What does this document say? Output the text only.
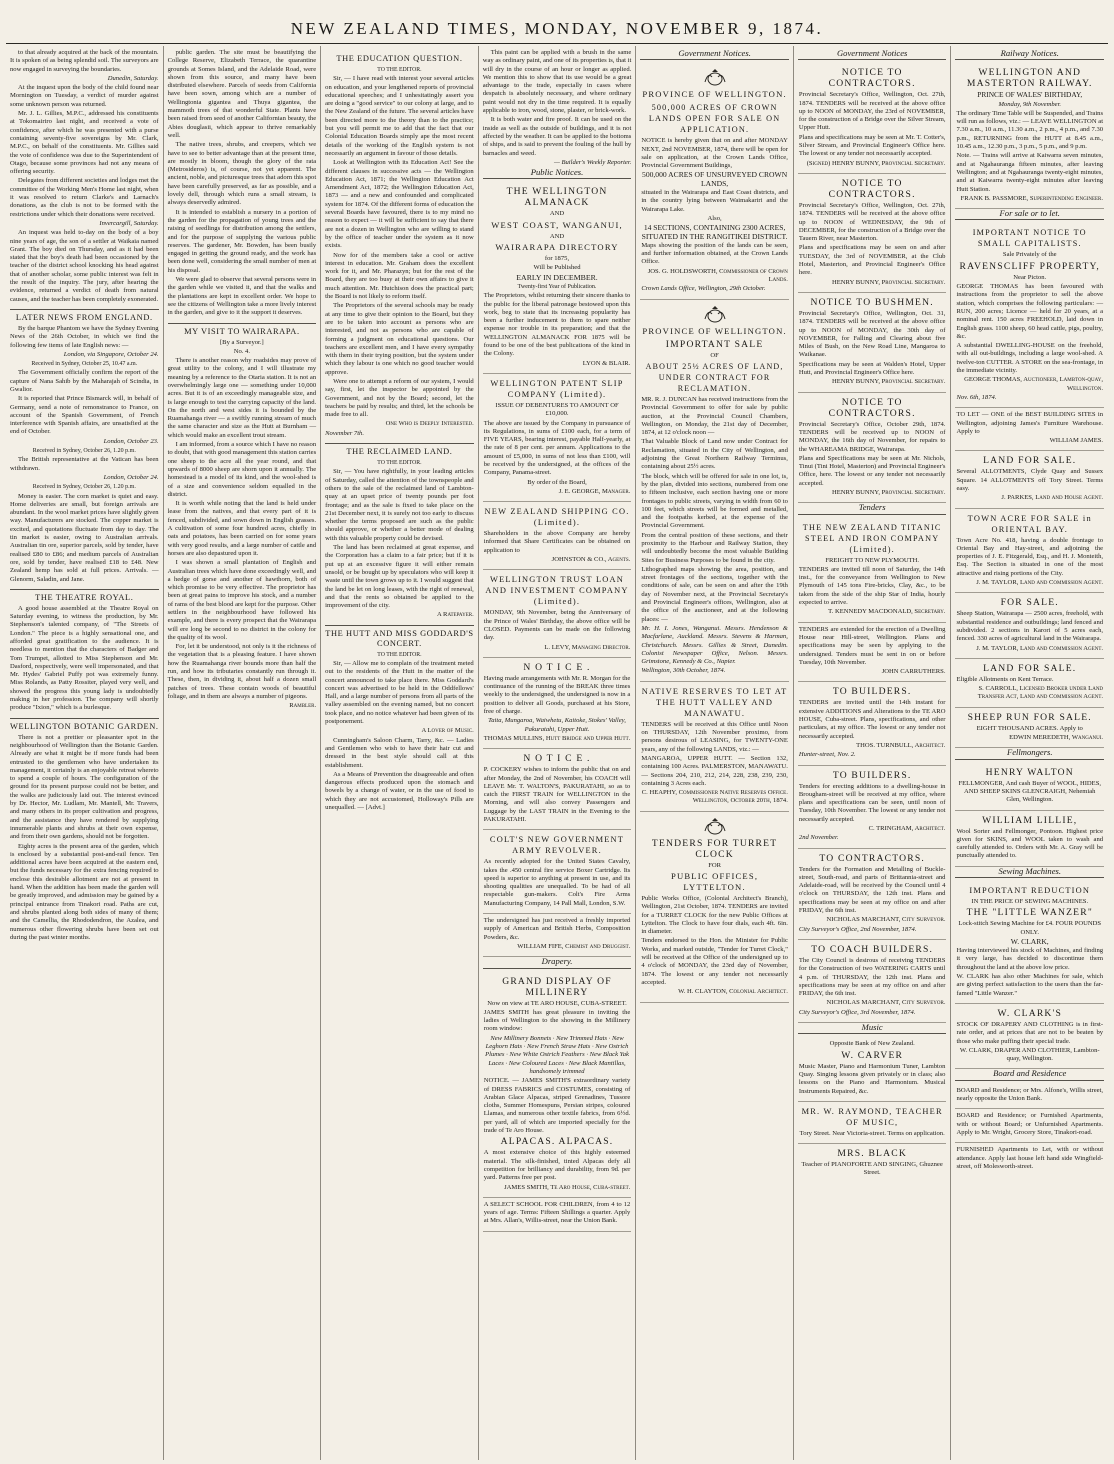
NEW ZEALAND TIMES, MONDAY, NOVEMBER 9, 1874.

to that already acquired at the back of the mountain. It is spoken of as being splendid soil. The surveyors are now engaged in surveying the boundaries.

Dunedin, Saturday.

At the inquest upon the body of the child found near Mornington on Tuesday, a verdict of murder against some unknown person was returned.

Mr. J. L. Gillies, M.P.C., addressed his constituents at Tokomairiro last night, and received a vote of confidence, after which he was presented with a purse containing seventy-five sovereigns by Mr. Clark, M.P.C., on behalf of the constituents. Mr. Gillies said the vote of confidence was due to the Superintendent of Otago, because some provinces had not any means of offering security.

Delegates from different societies and lodges met the committee of the Working Men's Home last night, when it was resolved to return Clarke's and Larnach's donations, as the club is not to be formed with the restrictions under which their donations were received.

Invercargill, Saturday.

An inquest was held to-day on the body of a boy nine years of age, the son of a settler at Waikaia named Grant. The boy died on Thursday, and as it had been stated that the boy's death had been occasioned by the teacher of the district school knocking his head against that of another scholar, some public interest was felt in the result of the inquiry. The jury, after hearing the evidence, returned a verdict of death from natural causes, and the teacher has been completely exonerated.

LATER NEWS FROM ENGLAND.

By the barque Phantom we have the Sydney Evening News of the 26th October, in which we find the following few items of late English news: —

London, via Singapore, October 24.

Received in Sydney, October 25, 10.47 a.m.

The Government officially confirm the report of the capture of Nana Sahib by the Maharajah of Scindia, in Gwalior.

It is reported that Prince Bismarck will, in behalf of Germany, send a note of remonstrance to France, on account of the Spanish Government, of French interference with Spanish affairs, are unsatisfied at the end of October.

London, October 23.

Received in Sydney, October 26, 1.20 p.m.

The British representative at the Vatican has been withdrawn.

London, October 24.

Received in Sydney, October 26, 1.20 p.m.

Money is easier. The corn market is quiet and easy. Home deliveries are small, but foreign arrivals are abundant. In the wool market prices have slightly given way. Manufacturers are stocked. The copper market is excited, and quotations fluctuate from day to day. The tin market is easier, owing to Australian arrivals. Australian tin ore, superior parcels, sold by tender, have realised £80 to £86; and medium parcels of Australian ore, sold by tender, have realised £18 to £48. New Zealand hemp has sold at full prices. Arrivals. — Glenorm, Saladin, and Jane.

THE THEATRE ROYAL.

A good house assembled at the Theatre Royal on Saturday evening, to witness the production, by Mr. Stephenson's talented company, of "The Streets of London." The piece is a highly sensational one, and afforded great gratification to the audience. It is needless to mention that the characters of Badger and Tom Trumpet, allotted to Miss Stephenson and Mr. Dasford, respectively, were well impersonated, and that Mr. Hydes' Gabriel Puffy pot was extremely funny. Miss Rolands, as Patty Rossiter, played very well, and showed the progress this young lady is undoubtedly making in her profession. The company will shortly produce "Ixion," which is a burlesque.

WELLINGTON BOTANIC GARDEN.

There is not a prettier or pleasanter spot in the neighbourhood of Wellington than the Botanic Garden. Already are what it might be if more funds had been entrusted to the gentlemen who have undertaken its management, it certainly is an enjoyable retreat whereto to spend a couple of hours. The configuration of the ground for its present purpose could not be better, and the walks are judiciously laid out. The interest evinced by Dr. Hector, Mr. Ludlam, Mr. Mantell, Mr. Travers, and many others in its proper cultivation and progress, and the assistance they have rendered by supplying innumerable plants and shrubs at their own expense, and from their own gardens, should not be forgotten.

Eighty acres is the present area of the garden, which is enclosed by a substantial post-and-rail fence. Ten additional acres have been acquired at the eastern end, but the funds necessary for the extra fencing required to enclose this desirable allotment are not at present in hand. When the addition has been made the garden will be greatly improved, and admission may be gained by a principal entrance from Tinakori road. Paths are cut, and shrubs planted along both sides of many of them; and the Camellia, the Rhododendron, the Azalea, and numerous other flowering shrubs have been set out during the past winter months.

public garden. The site must be beautifying the College Reserve, Elizabeth Terrace, the quarantine grounds at Somes Island, and the Adelaide Road, were shown from this source, and many have been distributed elsewhere. Parcels of seeds from California have been sown, among which are a number of Wellingtonia gigantea and Thuya gigantea, the mammoth trees of that wonderful State. Plants have been raised from seed of another Californian beauty, the Abies douglasii, which appear to thrive remarkably well.

The native trees, shrubs, and creepers, which we have to see to better advantage than at the present time, are mostly in bloom, though the glory of the rata (Metrosideros) is, of course, not yet apparent. The ancient, noble, and picturesque trees that adorn this spot have been carefully preserved, as far as possible, and a lovely dell, through which runs a small stream, is always deservedly admired.

It is intended to establish a nursery in a portion of the garden for the propagation of young trees and the raising of seedlings for distribution among the settlers, and for the purpose of supplying the various public reserves. The gardener, Mr. Bowden, has been busily engaged in getting the ground ready, and the work has been done well, considering the small number of men at his disposal.

We were glad to observe that several persons were in the garden while we visited it, and that the walks and the plantations are kept in excellent order. We hope to see the citizens of Wellington take a more lively interest in the garden, and give to it the support it deserves.

MY VISIT TO WAIRARAPA.

[By a Surveyor.]

No. 4.

There is another reason why roadsides may prove of great utility to the colony, and I will illustrate my meaning by a reference to the Otaria station. It is not an overwhelmingly large one — something under 10,000 acres. But it is of an exceedingly manageable size, and is large enough to test the carrying capacity of the land. On the north and west sides it is bounded by the Ruamahanga river — a swiftly running stream of much the same character and size as the Hutt at Burnham — which would make an excellent trout stream.

I am informed, from a source which I have no reason to doubt, that with good management this station carries one sheep to the acre all the year round, and that upwards of 8000 sheep are shorn upon it annually. The homestead is a model of its kind, and the wool-shed is of a size and convenience seldom equalled in the district.

It is worth while noting that the land is held under lease from the natives, and that every part of it is fenced, subdivided, and sown down in English grasses. A cultivation of some four hundred acres, chiefly in oats and potatoes, has been carried on for some years with very good results, and a large number of cattle and horses are also depastured upon it.

I was shown a small plantation of English and Australian trees which have done exceedingly well, and a hedge of gorse and another of hawthorn, both of which promise to be very effective. The proprietor has been at great pains to improve his stock, and a number of rams of the best blood are kept for the purpose. Other settlers in the neighbourhood have followed his example, and there is every prospect that the Wairarapa will ere long be second to no district in the colony for the quality of its wool.

For, let it be understood, not only is it the richness of the vegetation that is a pleasing feature. I have shown how the Ruamahanga river bounds more than half the run, and how its tributaries constantly run through it. These, then, in dividing it, about half a dozen small patches of trees. These contain woods of beautiful foliage, and in them are always a number of pigeons.

Rambler.

THE EDUCATION QUESTION.

TO THE EDITOR.

Sir, — I have read with interest your several articles on education, and your lengthened reports of provincial educational speeches; and I unhesitatingly assert you are doing a "good service" to our colony at large, and to the New Zealand of the future. The several articles have been directed more to the theory than to the practice; but you will permit me to add that the fact that our Colonial Education Boards simply ape the most recent details of the working of the English system is not necessarily an argument in favour of those details.

Look at Wellington with its Education Act! See the different clauses in successive acts — the Wellington Education Act, 1871; the Wellington Education Act Amendment Act, 1872; the Wellington Education Act, 1873 — and a new and confounded and complicated system for 1874. Of the different forms of education the several Boards have favoured, there is to my mind no reason to expect — it will be sufficient to say that there are not a dozen in Wellington who are willing to stand by the office of teacher under the system as it now exists.

Now for of the members take a cool or active interest in education. Mr. Graham does the excellent work for it, and Mr. Pharazyn; but for the rest of the Board, they are too busy at their own affairs to give it much attention. Mr. Hutchison does the practical part; the Board is not likely to reform itself.

The Proprietors of the several schools may be ready at any time to give their opinion to the Board, but they are to be taken into account as persons who are interested, and not as persons who are capable of forming a judgment on educational questions. Our teachers are excellent men, and I have every sympathy with them in their trying position, but the system under which they labour is one which no good teacher would approve.

Were one to attempt a reform of our system, I would say, first, let the inspector be appointed by the Government, and not by the Board; second, let the teachers be paid by results; and third, let the schools be made free to all.

One Who is Deeply Interested.

November 7th.

THE RECLAIMED LAND.

TO THE EDITOR.

Sir, — You have rightfully, in your leading articles of Saturday, called the attention of the townspeople and others to the sale of the reclaimed land of Lambton-quay at an upset price of twenty pounds per foot frontage; and as the sale is fixed to take place on the 21st December next, it is surely not too early to discuss whether the terms proposed are such as the public should approve, or whether a better mode of dealing with this valuable property could be devised.

The land has been reclaimed at great expense, and the Corporation has a claim to a fair price; but if it is put up at an excessive figure it will either remain unsold, or be bought up by speculators who will keep it waste until the town grows up to it. I would suggest that the land be let on long leases, with the right of renewal, and that the rents so obtained be applied to the improvement of the city.

A Ratepayer.

THE HUTT AND MISS GODDARD'S CONCERT.

TO THE EDITOR.

Sir, — Allow me to complain of the treatment meted out to the residents of the Hutt in the matter of the concert announced to take place there. Miss Goddard's concert was advertised to be held in the Oddfellows' Hall, and a large number of persons from all parts of the valley assembled on the evening named, but no concert took place, and no notice whatever had been given of its postponement.

A Lover of Music.

Cunningham's Saloon Charm, Tarry, &c. — Ladies and Gentlemen who wish to have their hair cut and dressed in the best style should call at this establishment.

As a Means of Prevention the disagreeable and often dangerous effects produced upon the stomach and bowels by a change of water, or in the use of food to which they are not accustomed, Holloway's Pills are unequalled. — [Advt.]

This paint can be applied with a brush in the same way as ordinary paint, and one of its properties is, that it will dry in the course of an hour or longer as applied. We mention this to show that its use would be a great advantage to the trade, especially in cases where despatch is absolutely necessary, and where ordinary paint would not dry in the time required. It is equally applicable to iron, wood, stone, plaster, or brick-work.

It is both water and fire proof. It can be used on the inside as well as the outside of buildings, and it is not affected by the weather. It can be applied to the bottoms of ships, and is said to prevent the fouling of the hull by barnacles and weed.

— Builder's Weekly Reporter.

Public Notices.
THE WELLINGTON ALMANACK

AND

WEST COAST, WANGANUI,

AND

WAIRARAPA DIRECTORY

for 1875,

Will be Published

EARLY IN DECEMBER.

Twenty-first Year of Publication.

The Proprietors, whilst returning their sincere thanks to the public for the liberal patronage bestowed upon this work, beg to state that its increasing popularity has been a further inducement to them to spare neither expense nor trouble in its preparation; and that the WELLINGTON ALMANACK FOR 1875 will be found to be one of the best publications of the kind in the Colony.

LYON & BLAIR.

WELLINGTON PATENT SLIP COMPANY (Limited).

ISSUE OF DEBENTURES TO AMOUNT OF £10,000.

The above are issued by the Company in pursuance of its Regulations, in sums of £100 each, for a term of FIVE YEARS, bearing interest, payable Half-yearly, at the rate of 8 per cent. per annum. Applications to the amount of £5,000, in sums of not less than £100, will be received by the undersigned, at the offices of the Company, Panama-street.

By order of the Board,

J. E. GEORGE, Manager.

NEW ZEALAND SHIPPING CO. (Limited).

Shareholders in the above Company are hereby informed that Share Certificates can be obtained on application to

JOHNSTON & CO., Agents.

WELLINGTON TRUST LOAN AND INVESTMENT COMPANY (Limited).

MONDAY, 9th November, being the Anniversary of the Prince of Wales' Birthday, the above office will be CLOSED. Payments can be made on the following day.

L. LEVY, Managing Director.

N O T I C E .

Having made arrangements with Mr. R. Morgan for the continuance of the running of the BREAK three times weekly to the undersigned, the undersigned is now in a position to deliver all Goods, purchased at his Store, free of charge.

Taita, Mungaroa, Waiwhetu, Kaitoke, Stokes' Valley, Pakuratahi, Upper Hutt.

THOMAS MULLINS, Hutt Bridge and Upper Hutt.

N O T I C E .

P. COCKERY wishes to inform the public that on and after Monday, the 2nd of November, his COACH will LEAVE Mr. T. WALTON'S, PAKURATAHI, so as to catch the FIRST TRAIN for WELLINGTON in the Morning, and will also convey Passengers and Luggage by the LAST TRAIN in the Evening to the PAKURATAHI.

COLT'S NEW GOVERNMENT ARMY REVOLVER.

As recently adopted for the United States Cavalry, takes the .450 central fire service Boxer Cartridge. Its speed is superior to anything at present in use, and its shooting qualities are unequalled. To be had of all respectable gun-makers. Colt's Fire Arms Manufacturing Company, 14 Pall Mall, London, S.W.

The undersigned has just received a freshly imported supply of American and British Herbs, Composition Powders, &c.

WILLIAM FIFE, Chemist and Druggist.

Drapery.
GRAND DISPLAY OF MILLINERY

Now on view at TE ARO HOUSE, CUBA-STREET.

JAMES SMITH has great pleasure in inviting the ladies of Wellington to the showing in the Millinery room window:

New Millinery Bonnets · New Trimmed Hats · New Leghorn Hats · New French Straw Hats · New Ostrich Plumes · New White Ostrich Feathers · New Black Yak Laces · New Coloured Laces · New Black Mantillas, handsomely trimmed

NOTICE. — JAMES SMITH'S extraordinary variety of DRESS FABRICS and COSTUMES, consisting of Arabian Glace Alpacas, striped Grenadines, Tussore cloths, Summer Homespuns, Persian stripes, coloured Llamas, and numerous other textile fabrics, from 6½d. per yard, all of which are imported specially for the trade of Te Aro House.

ALPACAS. ALPACAS.

A most extensive choice of this highly esteemed material. The silk-finished, tinted Alpacas defy all competition for brilliancy and durability, from 9d. per yard. Patterns free per post.

JAMES SMITH, Te Aro House, Cuba-street.

A SELECT SCHOOL FOR CHILDREN, from 4 to 12 years of age. Terms: Fifteen Shillings a quarter. Apply at Mrs. Allan's, Willis-street, near the Union Bank.

Government Notices.
PROVINCE OF WELLINGTON.
500,000 ACRES OF CROWN LANDS OPEN FOR SALE ON APPLICATION.

NOTICE is hereby given that on and after MONDAY NEXT, 2nd NOVEMBER, 1874, there will be open for sale on application, at the Crown Lands Office, Provincial Government Buildings,

500,000 ACRES OF UNSURVEYED CROWN LANDS,

situated in the Wairarapa and East Coast districts, and in the country lying between Waimakariri and the Wairarapa Lake.

Also,

14 SECTIONS, CONTAINING 2300 ACRES, SITUATED IN THE RANGITIKEI DISTRICT.

Maps showing the position of the lands can be seen, and further information obtained, at the Crown Lands Office.

JOS. G. HOLDSWORTH, Commissioner of Crown Lands.

Crown Lands Office, Wellington, 29th October.

PROVINCE OF WELLINGTON.
IMPORTANT SALE

OF

ABOUT 25½ ACRES OF LAND, UNDER CONTRACT FOR RECLAMATION.

MR. R. J. DUNCAN has received instructions from the Provincial Government to offer for sale by public auction, at the Provincial Council Chambers, Wellington, on Monday, the 21st day of December, 1874, at 12 o'clock noon —

That Valuable Block of Land now under Contract for Reclamation, situated in the City of Wellington, and adjoining the Great Northern Railway Terminus, containing about 25½ acres.

The block, which will be offered for sale in one lot, is, by the plan, divided into sections, numbered from one to fifteen inclusive, each section having one or more frontages to public streets, varying in width from 60 to 100 feet, which streets will be formed and metalled, and the footpaths kerbed, at the expense of the Provincial Government.

From the central position of these sections, and their proximity to the Harbour and Railway Station, they will undoubtedly become the most valuable Building Sites for Business Purposes to be found in the city.

Lithographed maps showing the area, position, and street frontages of the sections, together with the conditions of sale, can be seen on and after the 19th day of November next, at the Provincial Secretary's and Provincial Engineer's offices, Wellington, also at the office of the auctioneer, and at the following places: —

Mr. H. I. Jones, Wanganui. Messrs. Hendenson & Macfarlane, Auckland. Messrs. Stevens & Harman, Christchurch. Messrs. Gillies & Street, Dunedin. Colonist Newspaper Office, Nelson. Messrs. Grimstone, Kennedy & Co., Napier.

Wellington, 30th October, 1874.

NATIVE RESERVES TO LET AT THE HUTT VALLEY AND MANAWATU.

TENDERS will be received at this Office until Noon on THURSDAY, 12th November proximo, from persons desirous of LEASING, for TWENTY-ONE years, any of the following LANDS, viz.: —

MANGAROA, UPPER HUTT. — Section 132, containing 100 Acres. PALMERSTON, MANAWATU. — Sections 204, 210, 212, 214, 228, 238, 239, 230, containing 3 Acres each.

C. HEAPHY, Commissioner Native Reserves Office. Wellington, October 20th, 1874.

TENDERS FOR TURRET CLOCK

FOR

PUBLIC OFFICES, LYTTELTON.

Public Works Office, (Colonial Architect's Branch), Wellington, 21st October, 1874. TENDERS are invited for a TURRET CLOCK for the new Public Offices at Lyttelton. The Clock to have four dials, each 4ft. 6in. in diameter.

Tenders endorsed to the Hon. the Minister for Public Works, and marked outside, "Tender for Turret Clock," will be received at the Office of the undersigned up to 4 o'clock of MONDAY, the 23rd day of November, 1874. The lowest or any tender not necessarily accepted.

W. H. CLAYTON, Colonial Architect.

Government Notices
NOTICE TO CONTRACTORS.

Provincial Secretary's Office, Wellington, Oct. 27th, 1874. TENDERS will be received at the above office up to NOON of MONDAY, the 23rd of NOVEMBER, for the construction of a Bridge over the Silver Stream, Upper Hutt.

Plans and specifications may be seen at Mr. T. Cotter's, Silver Stream, and Provincial Engineer's Office here. The lowest or any tender not necessarily accepted.

(Signed) HENRY BUNNY, Provincial Secretary.

NOTICE TO CONTRACTORS.

Provincial Secretary's Office, Wellington, Oct. 27th, 1874. TENDERS will be received at the above office up to NOON of WEDNESDAY, the 9th of DECEMBER, for the construction of a Bridge over the Tauern River, near Masterton.

Plans and specifications may be seen on and after TUESDAY, the 3rd of NOVEMBER, at the Club Hotel, Masterton, and Provincial Engineer's Office here.

HENRY BUNNY, Provincial Secretary.

NOTICE TO BUSHMEN.

Provincial Secretary's Office, Wellington, Oct. 31, 1874. TENDERS will be received at the above office up to NOON of MONDAY, the 30th day of NOVEMBER, for Falling and Clearing about five Miles of Bush, on the New Road Line, Mangaroa to Waikanae.

Specifications may be seen at Walden's Hotel, Upper Hutt, and Provincial Engineer's Office here.

HENRY BUNNY, Provincial Secretary.

NOTICE TO CONTRACTORS.

Provincial Secretary's Office, October 29th, 1874. TENDERS will be received up to NOON of MONDAY, the 16th day of November, for repairs to the WHAREAMA BRIDGE, Wairarapa.

Plans and Specifications may be seen at Mr. Nichols, Tinui (Tini Hotel, Masterton) and Provincial Engineer's Office, here. The lowest or any tender not necessarily accepted.

HENRY BUNNY, Provincial Secretary.

Tenders
THE NEW ZEALAND TITANIC STEEL AND IRON COMPANY (Limited).

FREIGHT TO NEW PLYMOUTH.

TENDERS are invited till noon of Saturday, the 14th inst., for the conveyance from Wellington to New Plymouth of 145 tons Fire-bricks, Clay, &c., to be taken from the side of the ship Star of India, hourly expected to arrive.

T. KENNEDY MACDONALD, Secretary.

TENDERS are extended for the erection of a Dwelling House near Hill-street, Wellington. Plans and specifications may be seen by applying to the undersigned. Tenders must be sent in on or before Tuesday, 10th November.

JOHN CARRUTHERS.

TO BUILDERS.

TENDERS are invited until the 14th instant for extensive ADDITIONS and Alterations to the TE ARO HOUSE, Cuba-street. Plans, specifications, and other particulars, at my office. The lowest or any tender not necessarily accepted.

THOS. TURNBULL, Architect.

Hunter-street, Nov. 2.

TO BUILDERS.

Tenders for erecting additions to a dwelling-house in Brougham-street will be received at my office, where plans and specifications can be seen, until noon of Tuesday, 10th November. The lowest or any tender not necessarily accepted.

C. TRINGHAM, Architect.

2nd November.

TO CONTRACTORS.

Tenders for the Formation and Metalling of Buckle-street, South-road, and parts of Brittannia-street and Adelaide-road, will be received by the Council until 4 o'clock on THURSDAY, the 12th inst. Plans and specifications may be seen at my office on and after FRIDAY, the 6th inst.

NICHOLAS MARCHANT, City Surveyor.

City Surveyor's Office, 2nd November, 1874.

TO COACH BUILDERS.

The City Council is desirous of receiving TENDERS for the Construction of two WATERING CARTS until 4 p.m. of THURSDAY, the 12th inst. Plans and specifications may be seen at my office on and after FRIDAY, the 6th inst.

NICHOLAS MARCHANT, City Surveyor.

City Surveyor's Office, 3rd November, 1874.

Music

Opposite Bank of New Zealand.

W. CARVER

Music Master, Piano and Harmonium Tuner, Lambton Quay. Singing lessons given privately or in class; also lessons on the Piano and Harmonium. Musical Instruments Repaired, &c.

MR. W. RAYMOND, TEACHER OF MUSIC,

Tory Street. Near Victoria-street. Terms on application.

MRS. BLACK

Teacher of PIANOFORTE AND SINGING, Ghuznee Street.

Railway Notices.
WELLINGTON AND MASTERTON RAILWAY.

PRINCE OF WALES' BIRTHDAY,

Monday, 9th November.

The ordinary Time Table will be Suspended, and Trains will run as follows, viz.: — LEAVE WELLINGTON at 7.30 a.m., 10 a.m., 11.30 a.m., 2 p.m., 4 p.m., and 7.30 p.m., RETURNING from the HUTT at 8.45 a.m., 10.45 a.m., 12.30 p.m., 3 p.m., 5 p.m., and 9 p.m.

Note. — Trains will arrive at Kaiwarra seven minutes, and at Ngahauranga fifteen minutes, after leaving Wellington; and at Ngahauranga twenty-eight minutes, and at Kaiwarra twenty-eight minutes after leaving Hutt Station.

FRANK B. PASSMORE, Superintending Engineer.

For sale or to let.
IMPORTANT NOTICE TO SMALL CAPITALISTS.

Sale Privately of the

RAVENSCLIFF PROPERTY,

Near Picton.

GEORGE THOMAS has been favoured with instructions from the proprietor to sell the above station, which comprises the following particulars: — RUN, 200 acres; Licence — held for 20 years, at a nominal rent. 150 acres FREEHOLD, laid down in English grass. 1100 sheep, 60 head cattle, pigs, poultry, &c.

A substantial DWELLING-HOUSE on the freehold, with all out-buildings, including a large wool-shed. A twelve-ton CUTTER. A STORE on the sea-frontage, in the immediate vicinity.

GEORGE THOMAS, Auctioneer, Lambton-quay, Wellington.

Nov. 6th, 1874.

TO LET — ONE of the BEST BUILDING SITES in Wellington, adjoining James's Furniture Warehouse. Apply to

WILLIAM JAMES.

LAND FOR SALE.

Several ALLOTMENTS, Clyde Quay and Sussex Square. 14 ALLOTMENTS off Tory Street. Terms easy.

J. PARKES, Land and House Agent.

TOWN ACRE FOR SALE in ORIENTAL BAY.

Town Acre No. 418, having a double frontage to Oriental Bay and Hay-street, and adjoining the properties of J. E. Fitzgerald, Esq., and H. J. Monteith, Esq. The Section is situated in one of the most attractive and rising portions of the City.

J. M. TAYLOR, Land and Commission Agent.

FOR SALE.

Sheep Station, Wairarapa — 2500 acres, freehold, with substantial residence and outbuildings; land fenced and subdivided. 2 sections in Karori of 5 acres each, fenced. 330 acres of agricultural land in the Wairarapa.

J. M. TAYLOR, Land and Commission Agent.

LAND FOR SALE.

Eligible Allotments on Kent Terrace.

S. CARROLL, Licensed Broker under Land Transfer Act, Land and Commission Agent.

SHEEP RUN FOR SALE.

EIGHT THOUSAND ACRES. Apply to

EDWIN MEREDETH, Wanganui.

Fellmongers.
HENRY WALTON

FELLMONGER, And cash Buyer of WOOL, HIDES, AND SHEEP SKINS GLENCRAIGH, Nehemiah Glen, Wellington.

WILLIAM LILLIE,

Wool Sorter and Fellmonger, Pontoon. Highest price given for SKINS, and WOOL taken to wash and carefully attended to. Orders with Mr. A. Gray will be punctually attended to.

Sewing Machines.
IMPORTANT REDUCTION

IN THE PRICE OF SEWING MACHINES.

THE "LITTLE WANZER"

Lock-stitch Sewing Machine for £4. FOUR POUNDS ONLY.

W. CLARK,

Having interviewed his stock of Machines, and finding it very large, has decided to discontinue them throughout the land at the above low price.

W. CLARK has also other Machines for sale, which are giving perfect satisfaction to the users than the far-famed "Little Wanzer."

W. CLARK'S

STOCK OF DRAPERY AND CLOTHING is in first-rate order, and at prices that are not to be beaten by those who make puffing their special trade.

W. CLARK, DRAPER AND CLOTHIER, Lambton-quay, Wellington.

Board and Residence

BOARD and Residence; or Mrs. Alfone's, Willis street, nearly opposite the Union Bank.

BOARD and Residence; or Furnished Apartments, with or without Board; or Unfurnished Apartments. Apply to Mr. Wright, Grocery Store, Tinakori-road.

FURNISHED Apartments to Let, with or without attendance. Apply last house left hand side Wingfield-street, off Molesworth-street.
